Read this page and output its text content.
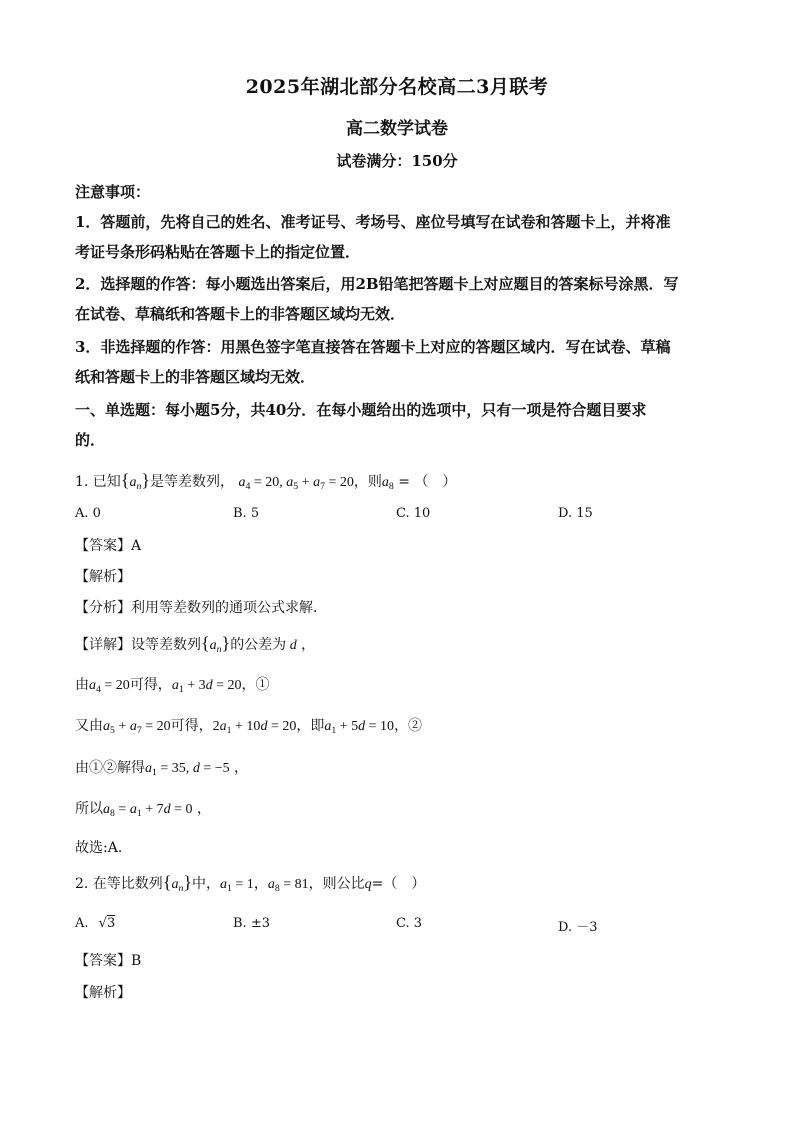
2025年湖北部分名校高二3月联考
高二数学试卷
试卷满分：150分
注意事项：
1．答题前，先将自己的姓名、准考证号、考场号、座位号填写在试卷和答题卡上，并将准
考证号条形码粘贴在答题卡上的指定位置．
2．选择题的作答：每小题选出答案后，用2B铅笔把答题卡上对应题目的答案标号涂黑．写
在试卷、草稿纸和答题卡上的非答题区域均无效．
3．非选择题的作答：用黑色签字笔直接答在答题卡上对应的答题区域内．写在试卷、草稿
纸和答题卡上的非答题区域均无效．
一、单选题：每小题5分，共40分．在每小题给出的选项中，只有一项是符合题目要求
的．
1. 已知$\{a_n\}$是等差数列， $a_4 = 20$, $a_5 + a_7 = 20$，则$a_8$ = （　）
A. 0	B. 5	C. 10	D. 15
【答案】A
【解析】
【分析】利用等差数列的通项公式求解．
【详解】设等差数列$\{a_n\}$的公差为 d ，
由$a_4 = 20$可得，$a_1 + 3d = 20$，①
又由$a_5 + a_7 = 20$可得，$2a_1 + 10d = 20$，即$a_1 + 5d = 10$，②
由①②解得$a_1 = 35$, d = −5 ，
所以$a_8 = a_1 + 7d = 0$ ，
故选:A.
2. 在等比数列$\{a_n\}$中，$a_1 = 1$，$a_8 = 81$，则公比q=（　）
A. √3	B. ±3	C. 3	D. －3
【答案】B
【解析】
